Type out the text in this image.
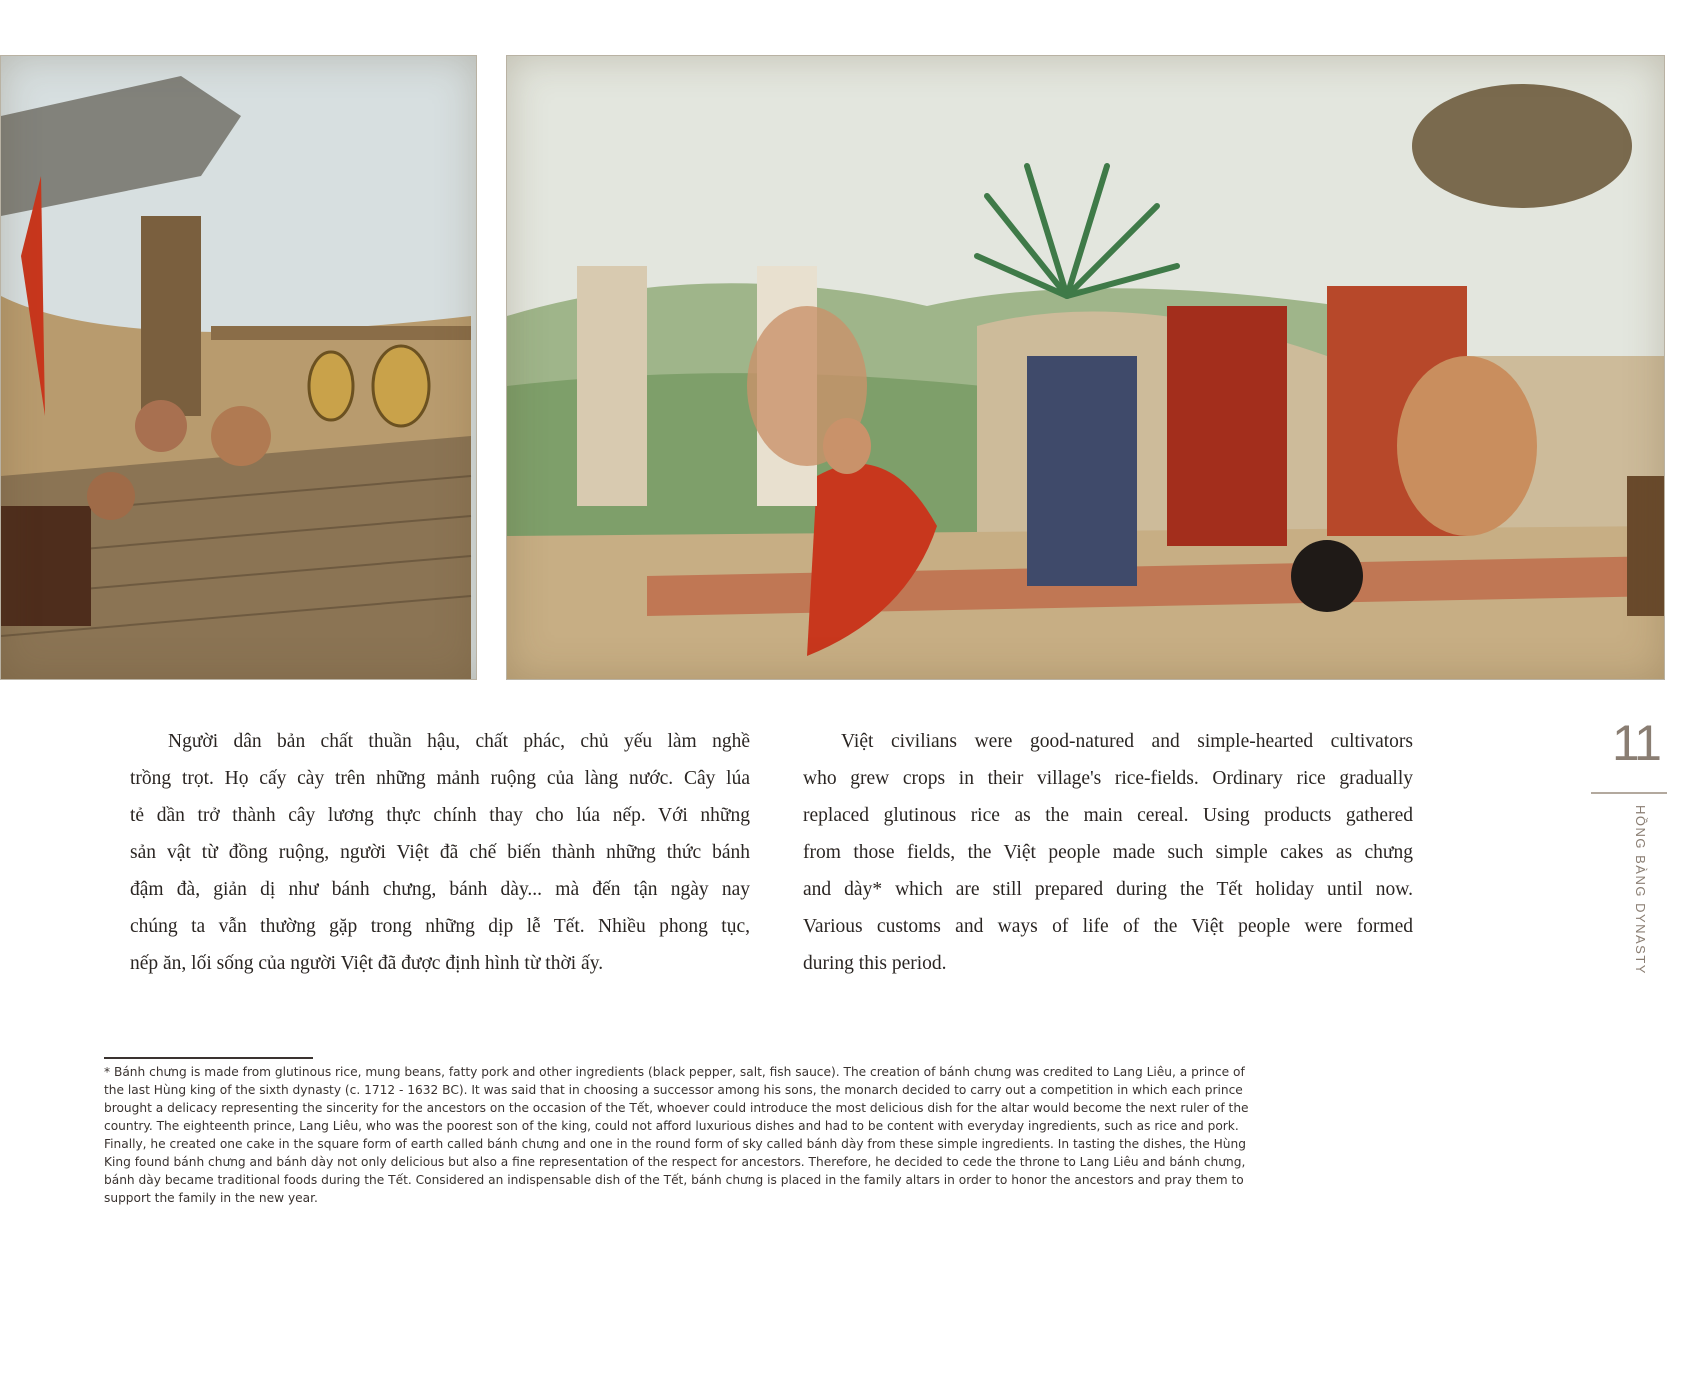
Người dân bản chất thuần hậu, chất phác, chủ yếu làm nghề
trồng trọt. Họ cấy cày trên những mảnh ruộng của làng nước. Cây lúa
tẻ dần trở thành cây lương thực chính thay cho lúa nếp. Với những
sản vật từ đồng ruộng, người Việt đã chế biến thành những thức bánh
đậm đà, giản dị như bánh chưng, bánh dày... mà đến tận ngày nay
chúng ta vẫn thường gặp trong những dịp lễ Tết. Nhiều phong tục,
nếp ăn, lối sống của người Việt đã được định hình từ thời ấy.
Việt civilians were good-natured and simple-hearted cultivators
who grew crops in their village's rice-fields. Ordinary rice gradually
replaced glutinous rice as the main cereal. Using products gathered
from those fields, the Việt people made such simple cakes as chưng
and dày* which are still prepared during the Tết holiday until now.
Various customs and ways of life of the Việt people were formed
during this period.
11
HỒNG BÀNG DYNASTY
* Bánh chưng is made from glutinous rice, mung beans, fatty pork and other ingredients (black pepper, salt, fish sauce). The creation of bánh chưng was credited to Lang Liêu, a prince of
the last Hùng king of the sixth dynasty (c. 1712 - 1632 BC). It was said that in choosing a successor among his sons, the monarch decided to carry out a competition in which each prince
brought a delicacy representing the sincerity for the ancestors on the occasion of the Tết, whoever could introduce the most delicious dish for the altar would become the next ruler of the
country. The eighteenth prince, Lang Liêu, who was the poorest son of the king, could not afford luxurious dishes and had to be content with everyday ingredients, such as rice and pork.
Finally, he created one cake in the square form of earth called bánh chưng and one in the round form of sky called bánh dày from these simple ingredients. In tasting the dishes, the Hùng
King found bánh chưng and bánh dày not only delicious but also a fine representation of the respect for ancestors. Therefore, he decided to cede the throne to Lang Liêu and bánh chưng,
bánh dày became traditional foods during the Tết. Considered an indispensable dish of the Tết, bánh chưng is placed in the family altars in order to honor the ancestors and pray them to
support the family in the new year.
